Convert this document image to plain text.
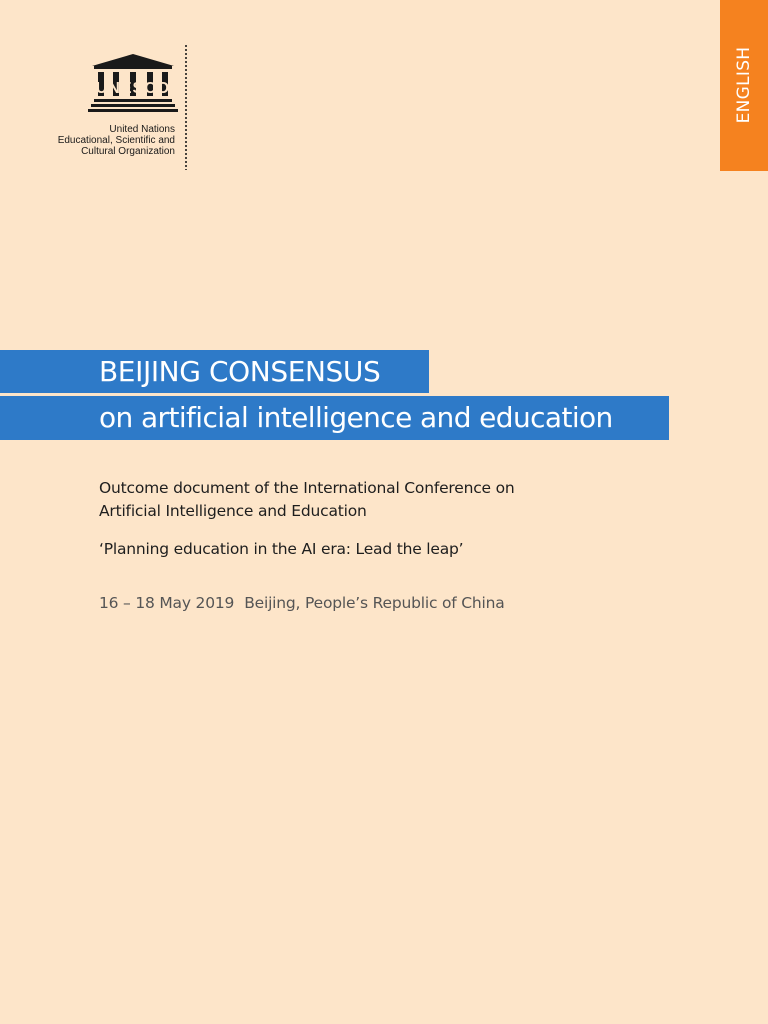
UNESCO
United Nations
Educational, Scientific and
Cultural Organization
ENGLISH
BEIJING CONSENSUS
on artificial intelligence and education
Outcome document of the International Conference on
Artificial Intelligence and Education
‘Planning education in the AI era: Lead the leap’
16 – 18 May 2019 Beijing, People’s Republic of China
